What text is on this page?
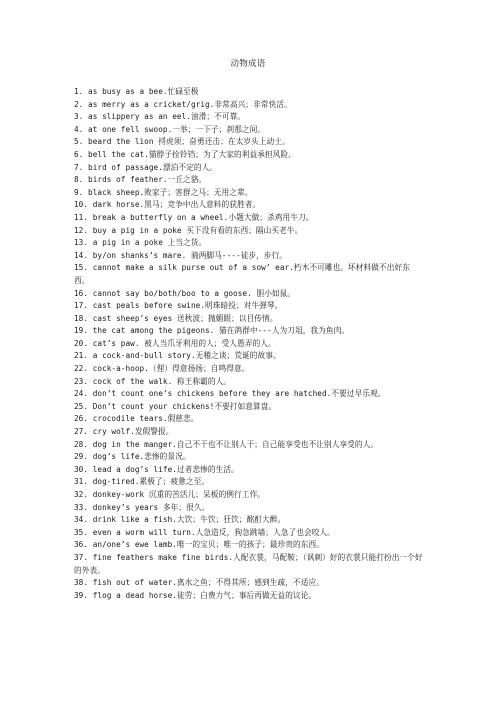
动物成语
1. as busy as a bee.忙碌至极
2. as merry as a cricket/grig.非常高兴；非常快活。
3. as slippery as an eel.油滑；不可靠。
4. at one fell swoop.一举；一下子；刹那之间。
5. beard the lion 捋虎须；奋勇还击；在太岁头上动土。
6. bell the cat.猫脖子拴铃铛；为了大家的利益承担风险。
7. bird of passage.漂泊不定的人。
8. birds of feather.一丘之貉。
9. black sheep.败家子；害群之马；无用之辈。
10. dark horse.黑马；竞争中出人意料的获胜者。
11. break a butterfly on a wheel.小题大做；杀鸡用牛刀。
12. buy a pig in a poke 买下没有看的东西；隔山买老牛。
13. a pig in a poke 上当之货。
14. by/on shanks’s mare. 骑两脚马----徒步，步行。
15. cannot make a silk purse out of a sow’ ear.朽木不可雕也。坏材料做不出好东西。
16. cannot say bo/both/boo to a goose. 胆小如鼠。
17. cast peals before swine.明珠暗投；对牛弹琴。
18. cast sheep’s eyes 送秋波；抛媚眼；以目传情。
19. the cat among the pigeons. 猫在鸽群中---人为刀俎，我为鱼肉。
20. cat’s paw. 被人当爪牙利用的人；受人愚弄的人。
21. a cock-and-bull story.无稽之谈；荒诞的故事。
22. cock-a-hoop.（俚）得意扬扬；自鸣得意。
23. cock of the walk. 称王称霸的人。
24. don’t count one’s chickens before they are hatched.不要过早乐观。
25. Don’t count your chickens!不要打如意算盘。
26. crocodile tears.假慈悲。
27. cry wolf.发假警报。
28. dog in the manger.自己不干也不让别人干；自己能享受也不让别人享受的人。
29. dog’s life.悲惨的景况。
30. lead a dog’s life.过者悲惨的生活。
31. dog-tired.累极了；疲惫之至。
32. donkey-work 沉重的苦活儿；呆板的例行工作。
33. donkey’s years 多年；很久。
34. drink like a fish.大饮；牛饮；狂饮；酩酊大醉。
35. even a worm will turn.人急造反，狗急跳墙；人急了也会咬人。
36. an/one’s ewe lamb.唯一的宝贝；唯一的孩子；最珍贵的东西。
37. fine feathers make fine birds.人配衣裳，马配鞍；（讽刺）好的衣裳只能打扮出一个好的外表。
38. fish out of water.离水之鱼；不得其所；感到生疏，不适应。
39. flog a dead horse.徒劳；白费力气；事后再做无益的议论。
